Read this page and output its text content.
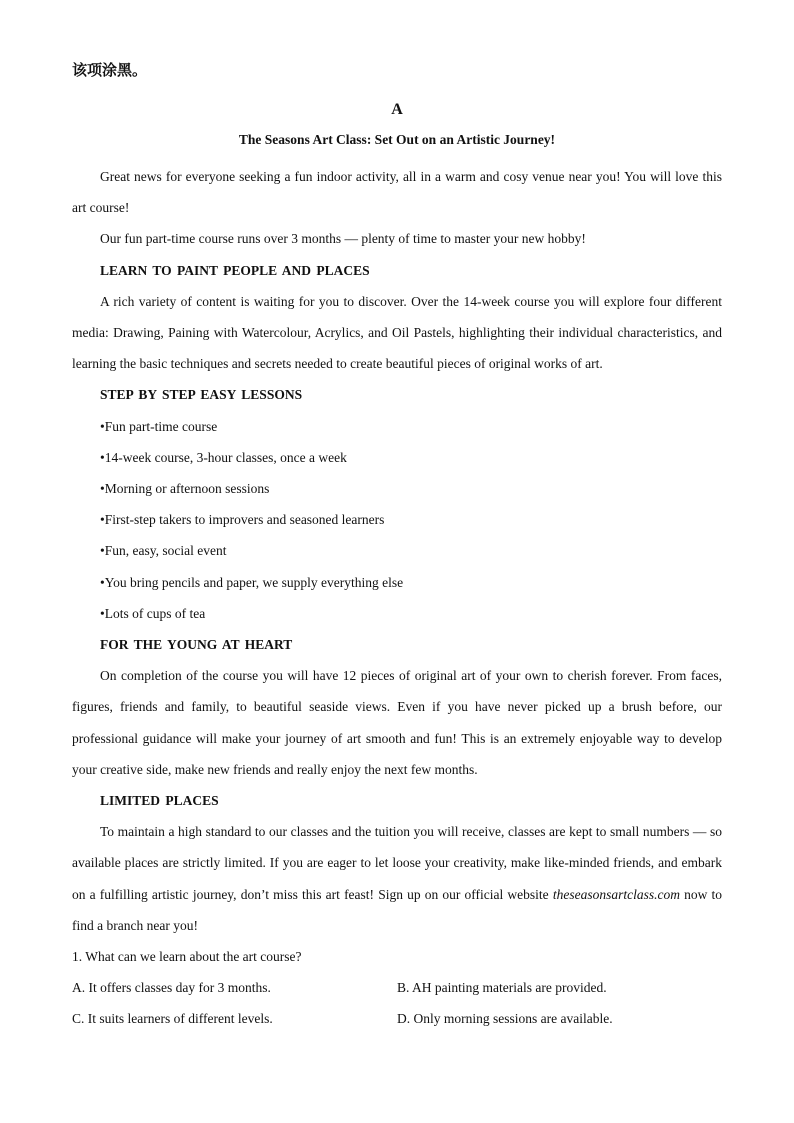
该项涂黑。
A
The Seasons Art Class: Set Out on an Artistic Journey!

Great news for everyone seeking a fun indoor activity, all in a warm and cosy venue near you! You will love this art course!

Our fun part-time course runs over 3 months — plenty of time to master your new hobby!

LEARN TO PAINT PEOPLE AND PLACES

A rich variety of content is waiting for you to discover. Over the 14-week course you will explore four different media: Drawing, Paining with Watercolour, Acrylics, and Oil Pastels, highlighting their individual characteristics, and learning the basic techniques and secrets needed to create beautiful pieces of original works of art.

STEP BY STEP EASY LESSONS
•Fun part-time course
•14-week course, 3-hour classes, once a week
•Morning or afternoon sessions
•First-step takers to improvers and seasoned learners
•Fun, easy, social event
•You bring pencils and paper, we supply everything else
•Lots of cups of tea
FOR THE YOUNG AT HEART

On completion of the course you will have 12 pieces of original art of your own to cherish forever. From faces, figures, friends and family, to beautiful seaside views. Even if you have never picked up a brush before, our professional guidance will make your journey of art smooth and fun! This is an extremely enjoyable way to develop your creative side, make new friends and really enjoy the next few months.

LIMITED PLACES

To maintain a high standard to our classes and the tuition you will receive, classes are kept to small numbers — so available places are strictly limited. If you are eager to let loose your creativity, make like-minded friends, and embark on a fulfilling artistic journey, don’t miss this art feast! Sign up on our official website theseasonsartclass.com now to find a branch near you!

1. What can we learn about the art course?
A. It offers classes day for 3 months.	B. AH painting materials are provided.
C. It suits learners of different levels.	D. Only morning sessions are available.
